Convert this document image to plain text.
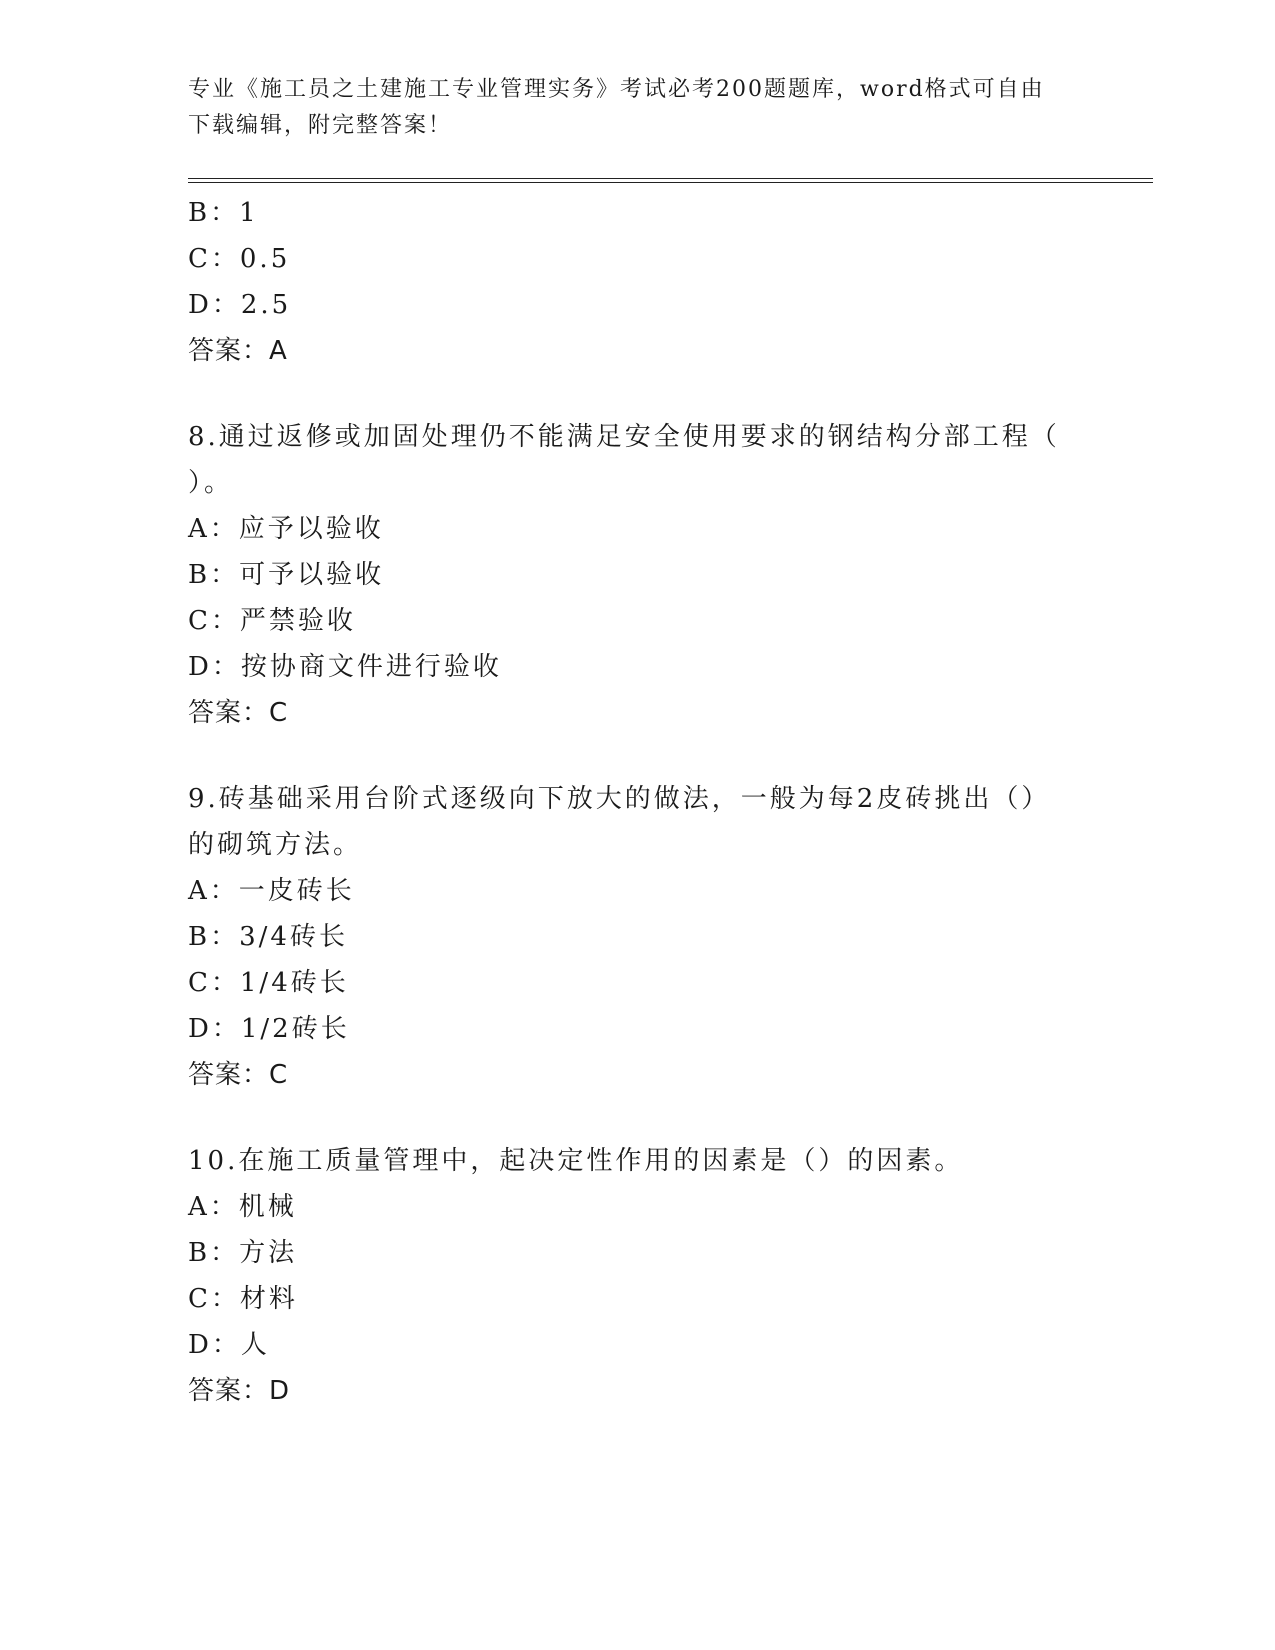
专业《施工员之土建施工专业管理实务》考试必考200题题库，word格式可自由
下载编辑，附完整答案！
B：1
C：0.5
D：2.5
答案：A
8.通过返修或加固处理仍不能满足安全使用要求的钢结构分部工程（
）。
A：应予以验收
B：可予以验收
C：严禁验收
D：按协商文件进行验收
答案：C
9.砖基础采用台阶式逐级向下放大的做法，一般为每2皮砖挑出（）
的砌筑方法。
A：一皮砖长
B：3/4砖长
C：1/4砖长
D：1/2砖长
答案：C
10.在施工质量管理中，起决定性作用的因素是（）的因素。
A：机械
B：方法
C：材料
D：人
答案：D
